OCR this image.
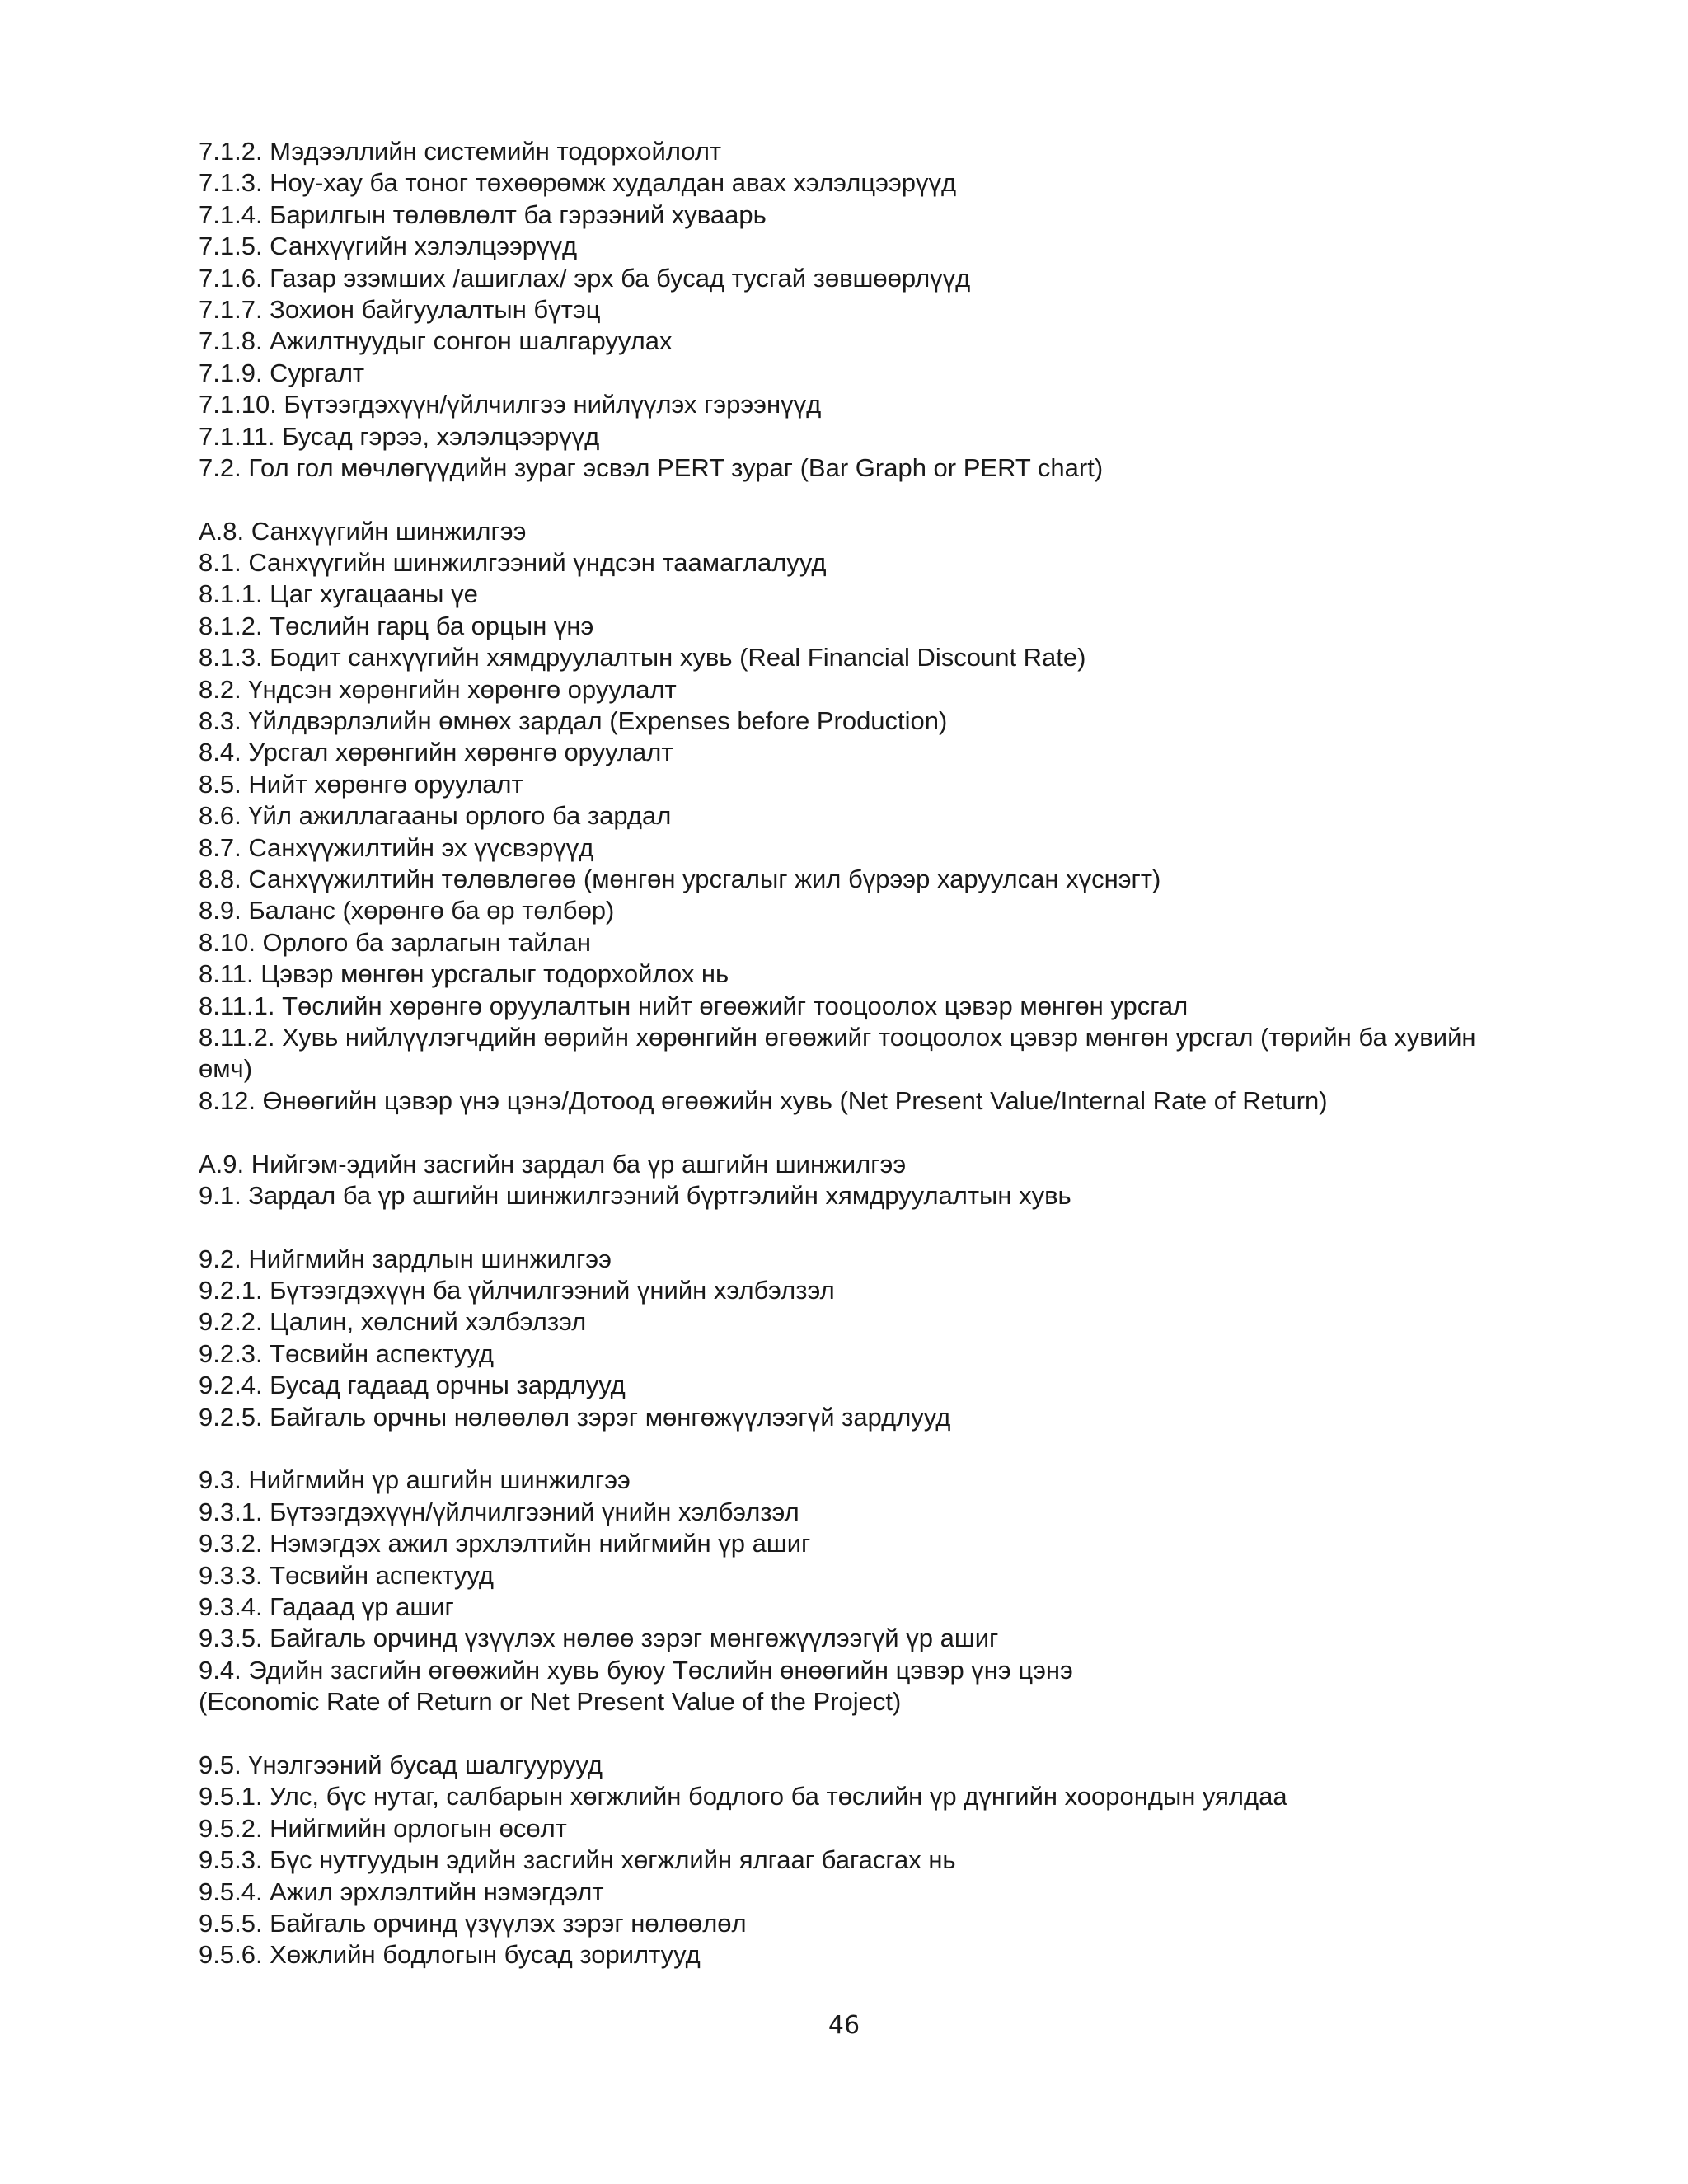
7.1.2. Мэдээллийн системийн тодорхойлолт
7.1.3. Ноу-хау ба тоног төхөөрөмж худалдан авах хэлэлцээрүүд
7.1.4. Барилгын төлөвлөлт ба гэрээний хуваарь
7.1.5. Санхүүгийн хэлэлцээрүүд
7.1.6. Газар эзэмших /ашиглах/ эрх ба бусад тусгай зөвшөөрлүүд
7.1.7. Зохион байгуулалтын бүтэц
7.1.8. Ажилтнуудыг сонгон шалгаруулах
7.1.9. Сургалт
7.1.10. Бүтээгдэхүүн/үйлчилгээ нийлүүлэх гэрээнүүд
7.1.11. Бусад гэрээ, хэлэлцээрүүд
7.2. Гол гол мөчлөгүүдийн зураг эсвэл PERT зураг (Bar Graph or PERT chart)
А.8. Санхүүгийн шинжилгээ
8.1. Санхүүгийн шинжилгээний үндсэн таамаглалууд
8.1.1. Цаг хугацааны үе
8.1.2. Төслийн гарц ба орцын үнэ
8.1.3. Бодит санхүүгийн хямдруулалтын хувь (Real Financial Discount Rate)
8.2. Үндсэн хөрөнгийн хөрөнгө оруулалт
8.3. Үйлдвэрлэлийн өмнөх зардал (Expenses before Production)
8.4. Урсгал хөрөнгийн хөрөнгө оруулалт
8.5. Нийт хөрөнгө оруулалт
8.6. Үйл ажиллагааны орлого ба зардал
8.7. Санхүүжилтийн эх үүсвэрүүд
8.8. Санхүүжилтийн төлөвлөгөө (мөнгөн урсгалыг жил бүрээр харуулсан хүснэгт)
8.9. Баланс (хөрөнгө ба өр төлбөр)
8.10. Орлого ба зарлагын тайлан
8.11. Цэвэр мөнгөн урсгалыг тодорхойлох нь
8.11.1. Төслийн хөрөнгө оруулалтын нийт өгөөжийг тооцоолох цэвэр мөнгөн урсгал
8.11.2. Хувь нийлүүлэгчдийн өөрийн хөрөнгийн өгөөжийг тооцоолох цэвэр мөнгөн урсгал (төрийн ба хувийн өмч)
8.12. Өнөөгийн цэвэр үнэ цэнэ/Дотоод өгөөжийн хувь (Net Present Value/Internal Rate of Return)
А.9. Нийгэм-эдийн засгийн зардал ба үр ашгийн шинжилгээ
9.1. Зардал ба үр ашгийн шинжилгээний бүртгэлийн хямдруулалтын хувь
9.2. Нийгмийн зардлын шинжилгээ
9.2.1. Бүтээгдэхүүн ба үйлчилгээний үнийн хэлбэлзэл
9.2.2. Цалин, хөлсний хэлбэлзэл
9.2.3. Төсвийн аспектууд
9.2.4. Бусад гадаад орчны зардлууд
9.2.5. Байгаль орчны нөлөөлөл зэрэг мөнгөжүүлээгүй зардлууд
9.3. Нийгмийн үр ашгийн шинжилгээ
9.3.1. Бүтээгдэхүүн/үйлчилгээний үнийн хэлбэлзэл
9.3.2. Нэмэгдэх ажил эрхлэлтийн нийгмийн үр ашиг
9.3.3. Төсвийн аспектууд
9.3.4. Гадаад үр ашиг
9.3.5. Байгаль орчинд үзүүлэх нөлөө зэрэг мөнгөжүүлээгүй үр ашиг
9.4. Эдийн засгийн өгөөжийн хувь буюу Төслийн өнөөгийн цэвэр үнэ цэнэ
(Economic Rate of Return or Net Present Value of the Project)
9.5. Үнэлгээний бусад шалгуурууд
9.5.1. Улс, бүс нутаг, салбарын хөгжлийн бодлого ба төслийн үр дүнгийн хоорондын уялдаа
9.5.2. Нийгмийн орлогын өсөлт
9.5.3. Бүс нутгуудын эдийн засгийн хөгжлийн ялгааг багасгах нь
9.5.4. Ажил эрхлэлтийн нэмэгдэлт
9.5.5. Байгаль орчинд үзүүлэх зэрэг нөлөөлөл
9.5.6. Хөжлийн бодлогын бусад зорилтууд
46
